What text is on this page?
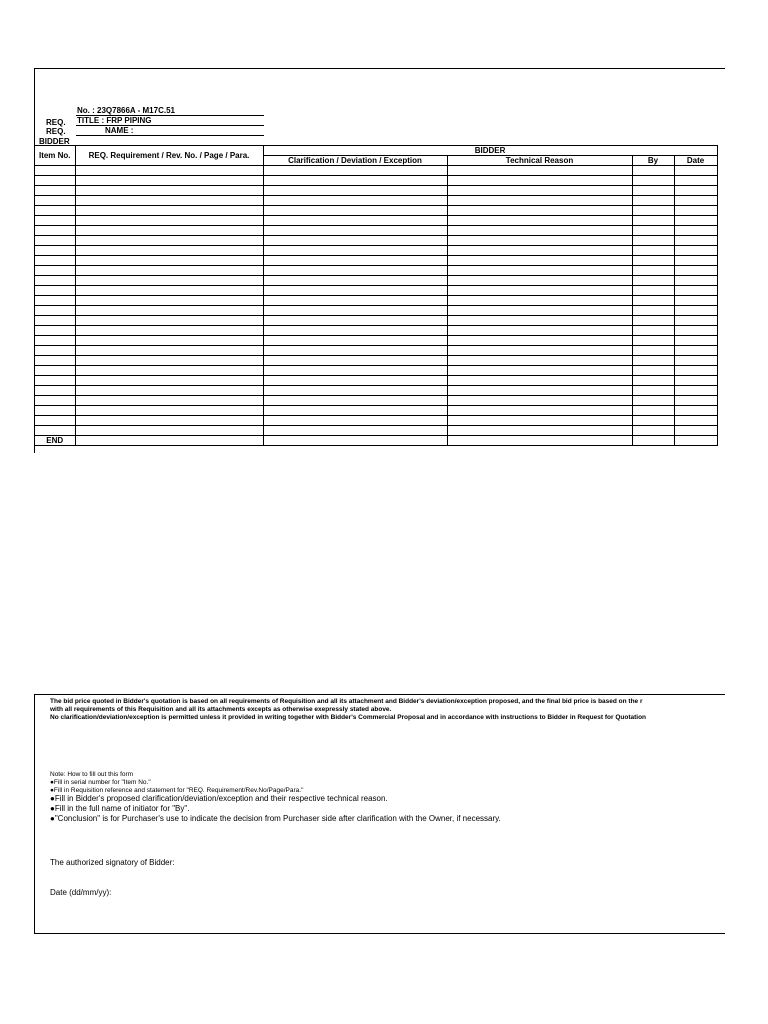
REQ.
REQ.
BIDDER
No. : 23Q7866A - M17C.51
TITLE : FRP PIPING
NAME :
Item No.	REQ. Requirement / Rev. No. / Page / Para.	BIDDER			
		Clarification / Deviation / Exception	Technical Reason	By	Date

END					
The bid price quoted in Bidder's quotation is based on all requirements of Requisition and all its attachment and Bidder's deviation/exception proposed, and the final bid price is based on the r
with all requirements of this Requisition and all its attachments excepts as otherwise exepressly stated above.
No clarification/deviation/exception is permitted unless it provided in writing together with Bidder's Commercial Proposal and in accordance with instructions to Bidder in Request for Quotation
Note: How to fill out this form
●Fill in serial number for "Item No."
●Fill in Requisition reference and statement for "REQ. Requirement/Rev.No/Page/Para."
●Fill in Bidder's proposed clarification/deviation/exception and their respective technical reason.
●Fill in the full name of initiator for "By".
●"Conclusion" is for Purchaser's use to indicate the decision from Purchaser side after clarification with the Owner, if necessary.
The authorized signatory of Bidder:
Date (dd/mm/yy):
